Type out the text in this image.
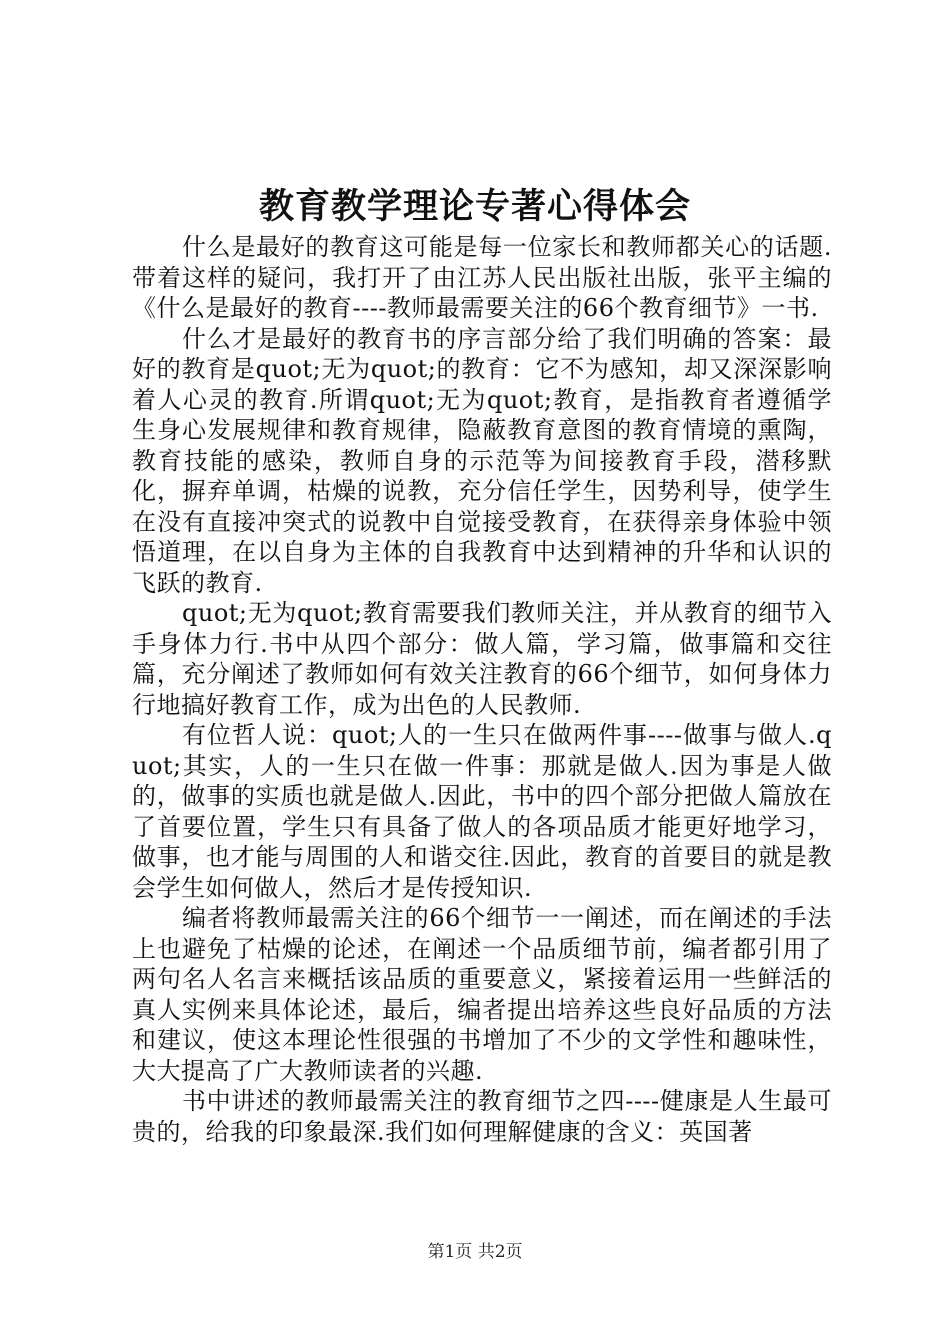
教育教学理论专著心得体会

什么是最好的教育这可能是每一位家长和教师都关心的话题.带着这样的疑问，我打开了由江苏人民出版社出版，张平主编的《什么是最好的教育----教师最需要关注的66个教育细节》一书.

什么才是最好的教育书的序言部分给了我们明确的答案：最好的教育是quot;无为quot;的教育：它不为感知，却又深深影响着人心灵的教育.所谓quot;无为quot;教育，是指教育者遵循学生身心发展规律和教育规律，隐蔽教育意图的教育情境的熏陶，教育技能的感染，教师自身的示范等为间接教育手段，潜移默化，摒弃单调，枯燥的说教，充分信任学生，因势利导，使学生在没有直接冲突式的说教中自觉接受教育，在获得亲身体验中领悟道理，在以自身为主体的自我教育中达到精神的升华和认识的飞跃的教育.

quot;无为quot;教育需要我们教师关注，并从教育的细节入手身体力行.书中从四个部分：做人篇，学习篇，做事篇和交往篇，充分阐述了教师如何有效关注教育的66个细节，如何身体力行地搞好教育工作，成为出色的人民教师.

有位哲人说：quot;人的一生只在做两件事----做事与做人.quot;其实，人的一生只在做一件事：那就是做人.因为事是人做的，做事的实质也就是做人.因此，书中的四个部分把做人篇放在了首要位置，学生只有具备了做人的各项品质才能更好地学习，做事，也才能与周围的人和谐交往.因此，教育的首要目的就是教会学生如何做人，然后才是传授知识.

编者将教师最需关注的66个细节一一阐述，而在阐述的手法上也避免了枯燥的论述，在阐述一个品质细节前，编者都引用了两句名人名言来概括该品质的重要意义，紧接着运用一些鲜活的真人实例来具体论述，最后，编者提出培养这些良好品质的方法和建议，使这本理论性很强的书增加了不少的文学性和趣味性，大大提高了广大教师读者的兴趣.

书中讲述的教师最需关注的教育细节之四----健康是人生最可贵的，给我的印象最深.我们如何理解健康的含义：英国著

第1页 共2页
